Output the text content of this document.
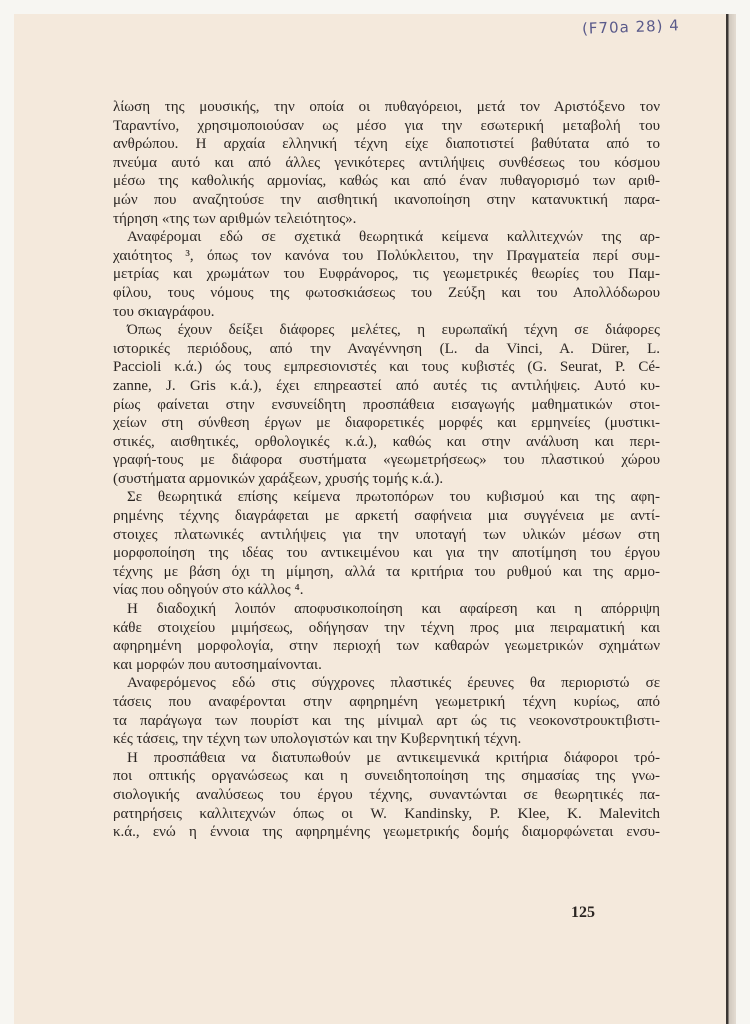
(F70a 28) 4
λίωση της μουσικής, την οποία οι πυθαγόρειοι, μετά τον Αριστόξενο τον
Ταραντίνο, χρησιμοποιούσαν ως μέσο για την εσωτερική μεταβολή του
ανθρώπου. Η αρχαία ελληνική τέχνη είχε διαποτιστεί βαθύτατα από το
πνεύμα αυτό και από άλλες γενικότερες αντιλήψεις συνθέσεως του κόσμου
μέσω της καθολικής αρμονίας, καθώς και από έναν πυθαγορισμό των αριθ-
μών που αναζητούσε την αισθητική ικανοποίηση στην κατανυκτική παρα-
τήρηση «της των αριθμών τελειότητος».
Αναφέρομαι εδώ σε σχετικά θεωρητικά κείμενα καλλιτεχνών της αρ-
χαιότητος ³, όπως τον κανόνα του Πολύκλειτου, την Πραγματεία περί συμ-
μετρίας και χρωμάτων του Ευφράνορος, τις γεωμετρικές θεωρίες του Παμ-
φίλου, τους νόμους της φωτοσκιάσεως του Ζεύξη και του Απολλόδωρου
του σκιαγράφου.
Όπως έχουν δείξει διάφορες μελέτες, η ευρωπαϊκή τέχνη σε διάφορες
ιστορικές περιόδους, από την Αναγέννηση (L. da Vinci, A. Dürer, L.
Paccioli κ.ά.) ώς τους εμπρεσιονιστές και τους κυβιστές (G. Seurat, P. Cé-
zanne, J. Gris κ.ά.), έχει επηρεαστεί από αυτές τις αντιλήψεις. Αυτό κυ-
ρίως φαίνεται στην ενσυνείδητη προσπάθεια εισαγωγής μαθηματικών στοι-
χείων στη σύνθεση έργων με διαφορετικές μορφές και ερμηνείες (μυστικι-
στικές, αισθητικές, ορθολογικές κ.ά.), καθώς και στην ανάλυση και περι-
γραφή-τους με διάφορα συστήματα «γεωμετρήσεως» του πλαστικού χώρου
(συστήματα αρμονικών χαράξεων, χρυσής τομής κ.ά.).
Σε θεωρητικά επίσης κείμενα πρωτοπόρων του κυβισμού και της αφη-
ρημένης τέχνης διαγράφεται με αρκετή σαφήνεια μια συγγένεια με αντί-
στοιχες πλατωνικές αντιλήψεις για την υποταγή των υλικών μέσων στη
μορφοποίηση της ιδέας του αντικειμένου και για την αποτίμηση του έργου
τέχνης με βάση όχι τη μίμηση, αλλά τα κριτήρια του ρυθμού και της αρμο-
νίας που οδηγούν στο κάλλος ⁴.
Η διαδοχική λοιπόν αποφυσικοποίηση και αφαίρεση και η απόρριψη
κάθε στοιχείου μιμήσεως, οδήγησαν την τέχνη προς μια πειραματική και
αφηρημένη μορφολογία, στην περιοχή των καθαρών γεωμετρικών σχημάτων
και μορφών που αυτοσημαίνονται.
Αναφερόμενος εδώ στις σύγχρονες πλαστικές έρευνες θα περιοριστώ σε
τάσεις που αναφέρονται στην αφηρημένη γεωμετρική τέχνη κυρίως, από
τα παράγωγα των πουρίστ και της μίνιμαλ αρτ ώς τις νεοκονστρουκτιβιστι-
κές τάσεις, την τέχνη των υπολογιστών και την Κυβερνητική τέχνη.
Η προσπάθεια να διατυπωθούν με αντικειμενικά κριτήρια διάφοροι τρό-
ποι οπτικής οργανώσεως και η συνειδητοποίηση της σημασίας της γνω-
σιολογικής αναλύσεως του έργου τέχνης, συναντώνται σε θεωρητικές πα-
ρατηρήσεις καλλιτεχνών όπως οι W. Kandinsky, P. Klee, K. Malevitch
κ.ά., ενώ η έννοια της αφηρημένης γεωμετρικής δομής διαμορφώνεται ενσυ-
125
